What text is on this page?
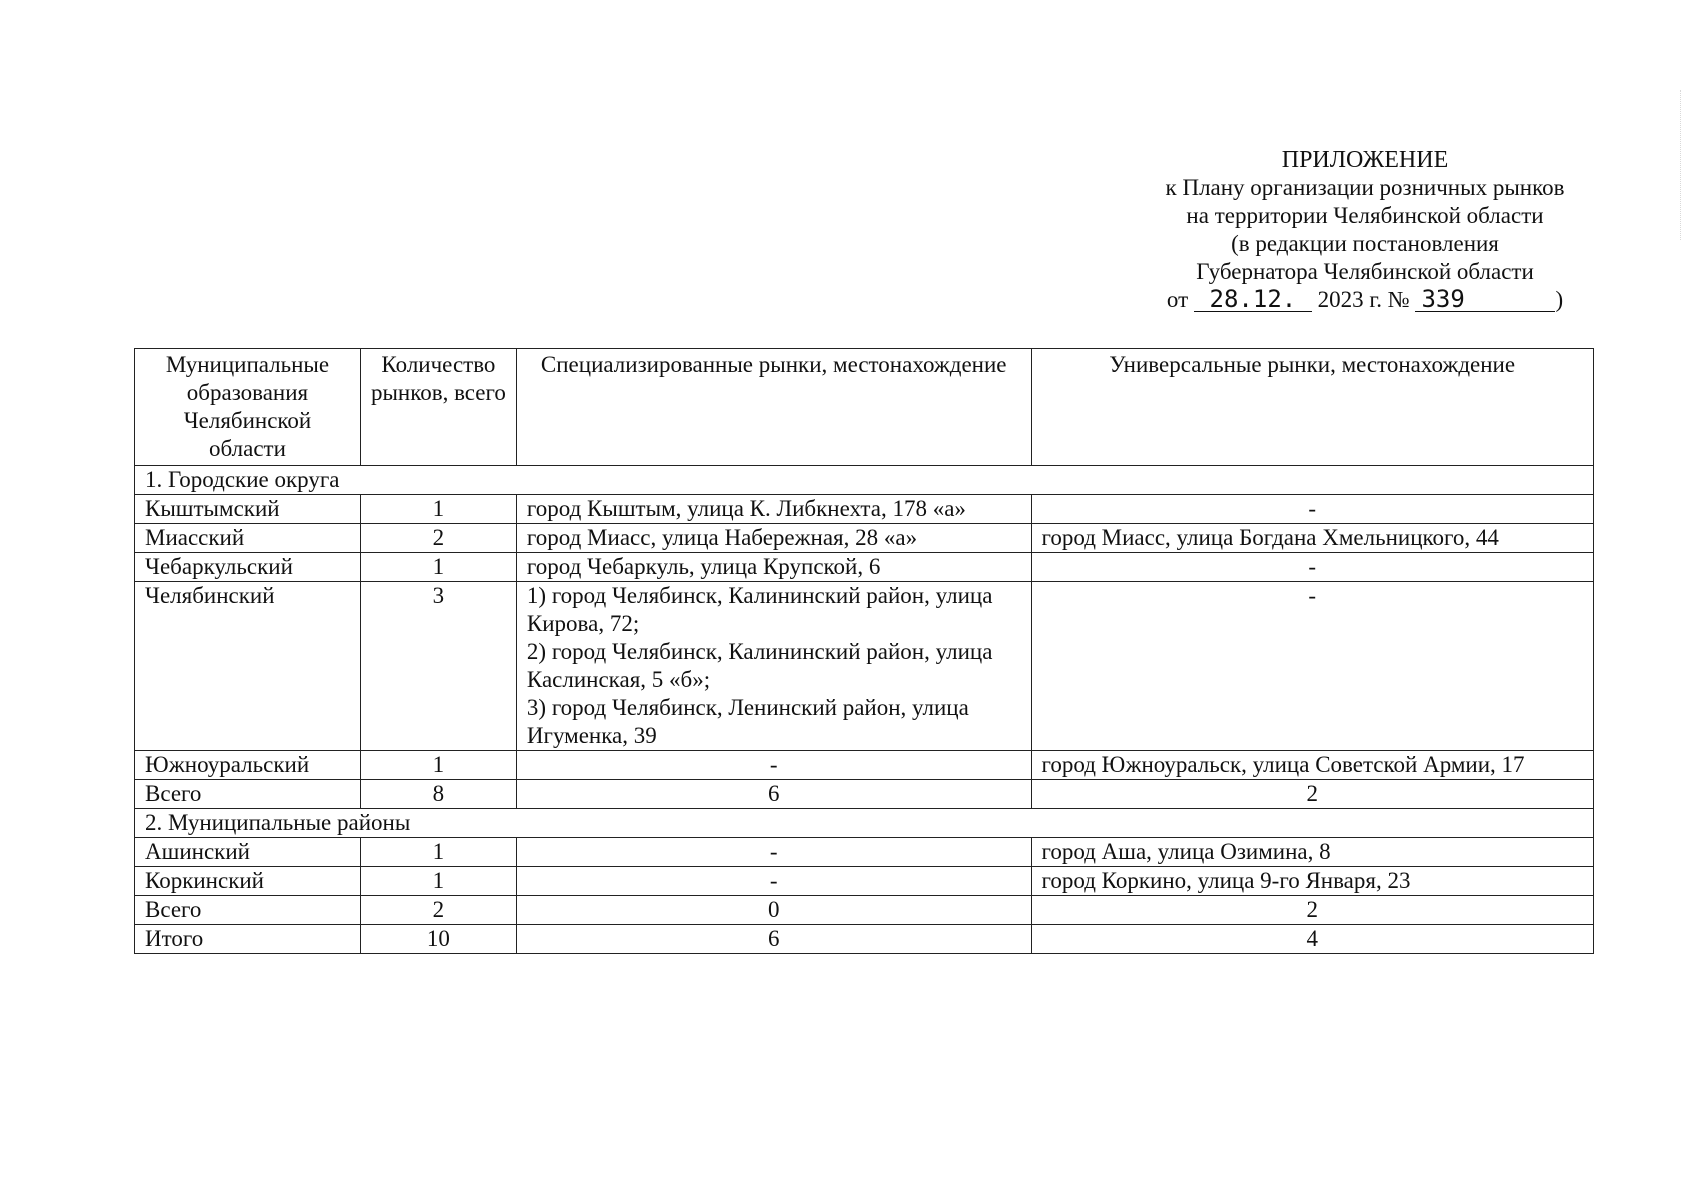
ПРИЛОЖЕНИЕ
к Плану организации розничных рынков
на территории Челябинской области
(в редакции постановления
Губернатора Челябинской области
от 28.12. 2023 г. № 339	)
Муниципальные образования Челябинской области	Количество рынков, всего	Специализированные рынки, местонахождение	Универсальные рынки, местонахождение
1. Городские округа			
Кыштымский	1	город Кыштым, улица К. Либкнехта, 178 «а»	-
Миасский	2	город Миасс, улица Набережная, 28 «а»	город Миасс, улица Богдана Хмельницкого, 44
Чебаркульский	1	город Чебаркуль, улица Крупской, 6	-
Челябинский	3	1) город Челябинск, Калининский район, улица Кирова, 72;
2) город Челябинск, Калининский район, улица Каслинская, 5 «б»;
3) город Челябинск, Ленинский район, улица Игуменка, 39	-
Южноуральский	1	-	город Южноуральск, улица Советской Армии, 17
Всего	8	6	2
2. Муниципальные районы			
Ашинский	1	-	город Аша, улица Озимина, 8
Коркинский	1	-	город Коркино, улица 9-го Января, 23
Всего	2	0	2
Итого	10	6	4
